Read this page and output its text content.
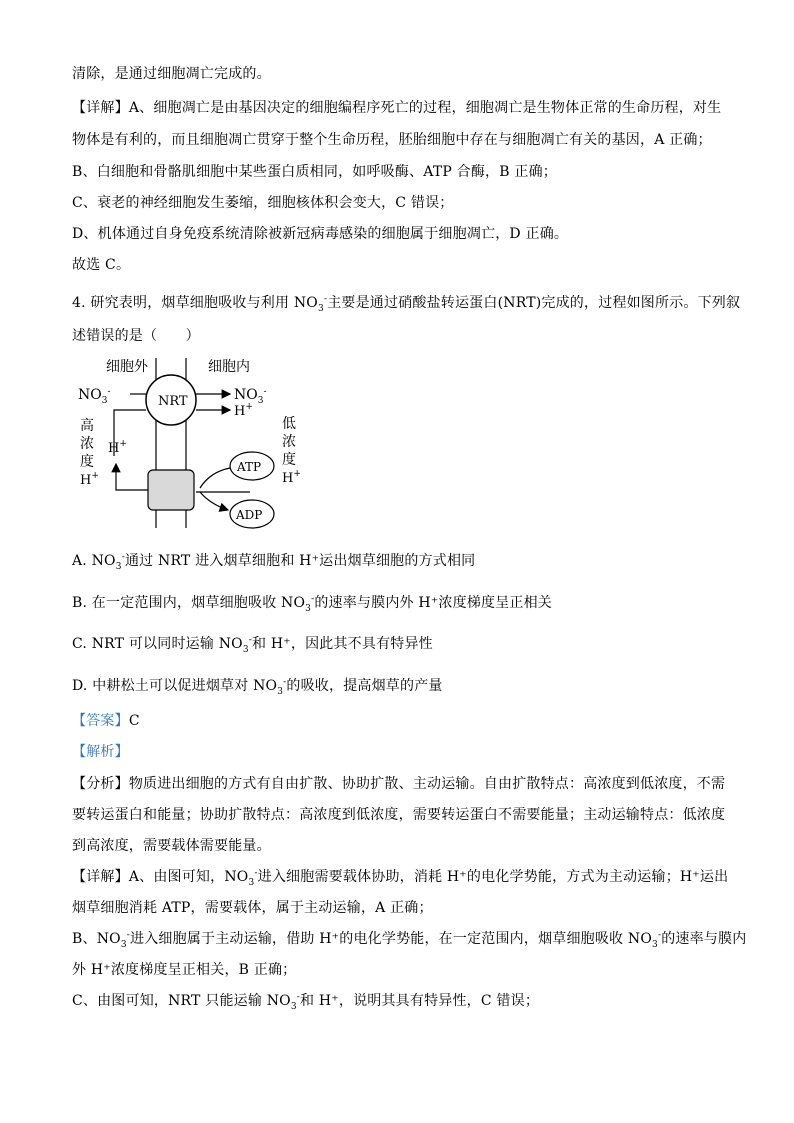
清除，是通过细胞凋亡完成的。
【详解】A、细胞凋亡是由基因决定的细胞编程序死亡的过程，细胞凋亡是生物体正常的生命历程，对生
物体是有利的，而且细胞凋亡贯穿于整个生命历程，胚胎细胞中存在与细胞凋亡有关的基因，A 正确；
B、白细胞和骨骼肌细胞中某些蛋白质相同，如呼吸酶、ATP 合酶，B 正确；
C、衰老的神经细胞发生萎缩，细胞核体积会变大，C 错误；
D、机体通过自身免疫系统清除被新冠病毒感染的细胞属于细胞凋亡，D 正确。
故选 C。
4. 研究表明，烟草细胞吸收与利用 $NO_3^-$主要是通过硝酸盐转运蛋白(NRT)完成的，过程如图所示。下列叙
述错误的是（　　）
细胞外	细胞内
NRT
$NO_3^-$	$NO_3^-$
H+
高
浓
度
H+
H+
低
浓
度
H+
ATP
ADP
A. $NO_3^-$通过 NRT 进入烟草细胞和 H⁺运出烟草细胞的方式相同
B. 在一定范围内，烟草细胞吸收 $NO_3^-$的速率与膜内外 H⁺浓度梯度呈正相关
C. NRT 可以同时运输 $NO_3^-$和 H⁺，因此其不具有特异性
D. 中耕松土可以促进烟草对 $NO_3^-$的吸收，提高烟草的产量
【答案】C
【解析】
【分析】物质进出细胞的方式有自由扩散、协助扩散、主动运输。自由扩散特点：高浓度到低浓度，不需
要转运蛋白和能量；协助扩散特点：高浓度到低浓度，需要转运蛋白不需要能量；主动运输特点：低浓度
到高浓度，需要载体需要能量。
【详解】A、由图可知，$NO_3^-$进入细胞需要载体协助，消耗 H⁺的电化学势能，方式为主动运输；H⁺运出
烟草细胞消耗 ATP，需要载体，属于主动运输，A 正确；
B、$NO_3^-$进入细胞属于主动运输，借助 H⁺的电化学势能，在一定范围内，烟草细胞吸收 $NO_3^-$的速率与膜内
外 H⁺浓度梯度呈正相关，B 正确；
C、由图可知，NRT 只能运输 $NO_3^-$和 H⁺，说明其具有特异性，C 错误；
